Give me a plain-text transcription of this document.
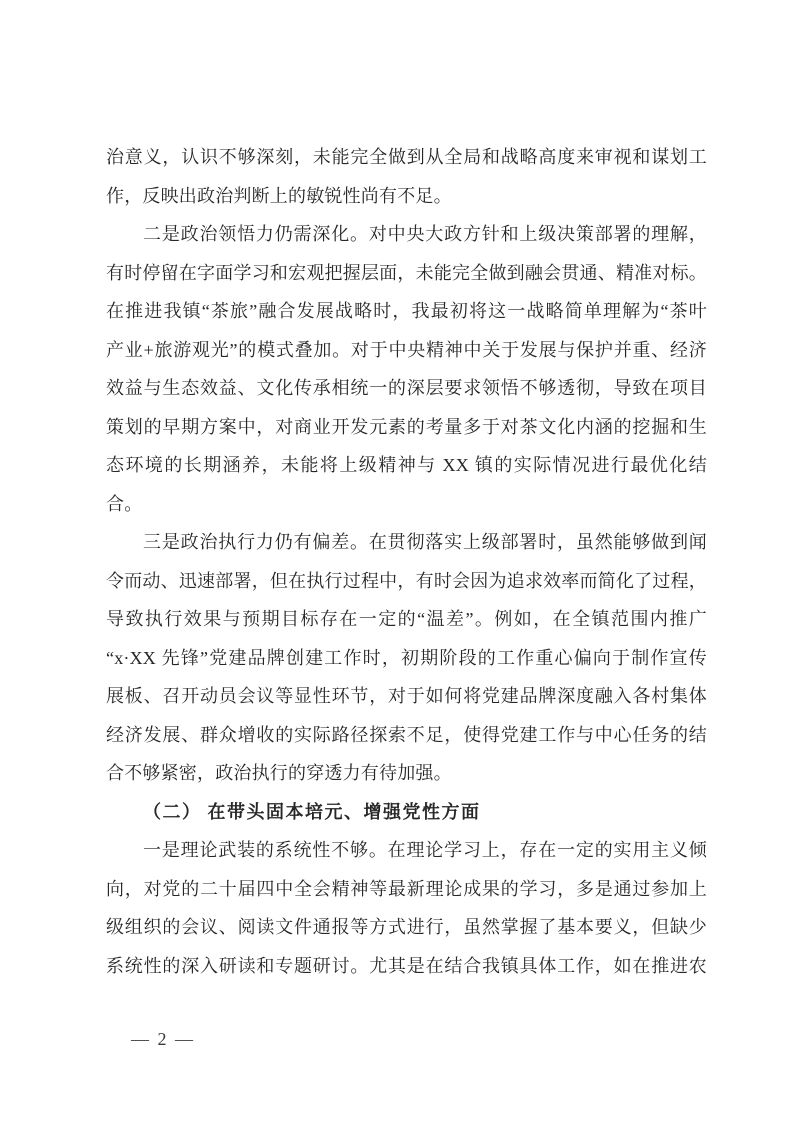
治意义，认识不够深刻，未能完全做到从全局和战略高度来审视和谋划工
作，反映出政治判断上的敏锐性尚有不足。
二是政治领悟力仍需深化。对中央大政方针和上级决策部署的理解，
有时停留在字面学习和宏观把握层面，未能完全做到融会贯通、精准对标。
在推进我镇“茶旅”融合发展战略时，我最初将这一战略简单理解为“茶叶
产业+旅游观光”的模式叠加。对于中央精神中关于发展与保护并重、经济
效益与生态效益、文化传承相统一的深层要求领悟不够透彻，导致在项目
策划的早期方案中，对商业开发元素的考量多于对茶文化内涵的挖掘和生
态环境的长期涵养，未能将上级精神与 XX 镇的实际情况进行最优化结
合。
三是政治执行力仍有偏差。在贯彻落实上级部署时，虽然能够做到闻
令而动、迅速部署，但在执行过程中，有时会因为追求效率而简化了过程，
导致执行效果与预期目标存在一定的“温差”。例如，在全镇范围内推广
“x·XX 先锋”党建品牌创建工作时，初期阶段的工作重心偏向于制作宣传
展板、召开动员会议等显性环节，对于如何将党建品牌深度融入各村集体
经济发展、群众增收的实际路径探索不足，使得党建工作与中心任务的结
合不够紧密，政治执行的穿透力有待加强。
（二） 在带头固本培元、增强党性方面
一是理论武装的系统性不够。在理论学习上，存在一定的实用主义倾
向，对党的二十届四中全会精神等最新理论成果的学习，多是通过参加上
级组织的会议、阅读文件通报等方式进行，虽然掌握了基本要义，但缺少
系统性的深入研读和专题研讨。尤其是在结合我镇具体工作，如在推进农
— 2 —
